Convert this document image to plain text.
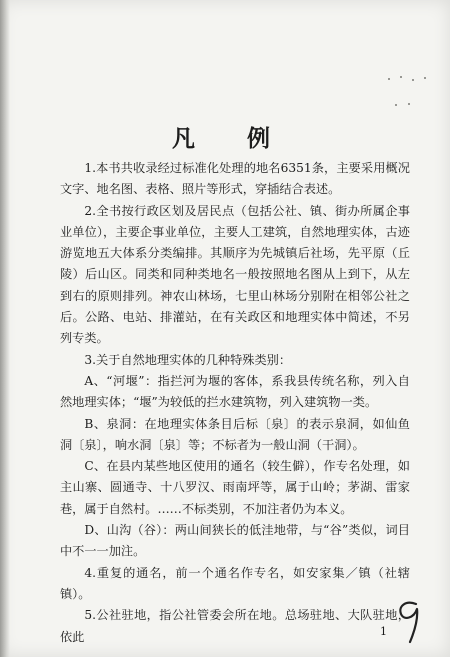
凡 例

1.本书共收录经过标准化处理的地名6351条，主要采用概况文字、地名图、表格、照片等形式，穿插结合表述。

2.全书按行政区划及居民点（包括公社、镇、街办所属企事业单位），主要企事业单位，主要人工建筑，自然地理实体，古迹游览地五大体系分类编排。其顺序为先城镇后社场，先平原（丘陵）后山区。同类和同种类地名一般按照地名图从上到下，从左到右的原则排列。神农山林场，七里山林场分别附在相邻公社之后。公路、电站、排灌站，在有关政区和地理实体中简述，不另列专类。

3.关于自然地理实体的几种特殊类别：

A、“河堰”：指拦河为堰的客体，系我县传统名称，列入自然地理实体；“堰”为较低的拦水建筑物，列入建筑物一类。

B、泉洞：在地理实体条目后标〔泉〕的表示泉洞，如仙鱼洞〔泉〕，响水洞〔泉〕等；不标者为一般山洞（干洞）。

C、在县内某些地区使用的通名（较生僻），作专名处理，如主山寨、圆通寺、十八罗汉、雨南坪等，属于山岭；茅湖、雷家巷，属于自然村。……不标类别，不加注者仍为本义。

D、山沟（谷）：两山间狭长的低洼地带，与“谷”类似，词目中不一一加注。

4.重复的通名，前一个通名作专名，如安家集／镇（社辖镇）。

5.公社驻地，指公社管委会所在地。总场驻地、大队驻地，依此	1
